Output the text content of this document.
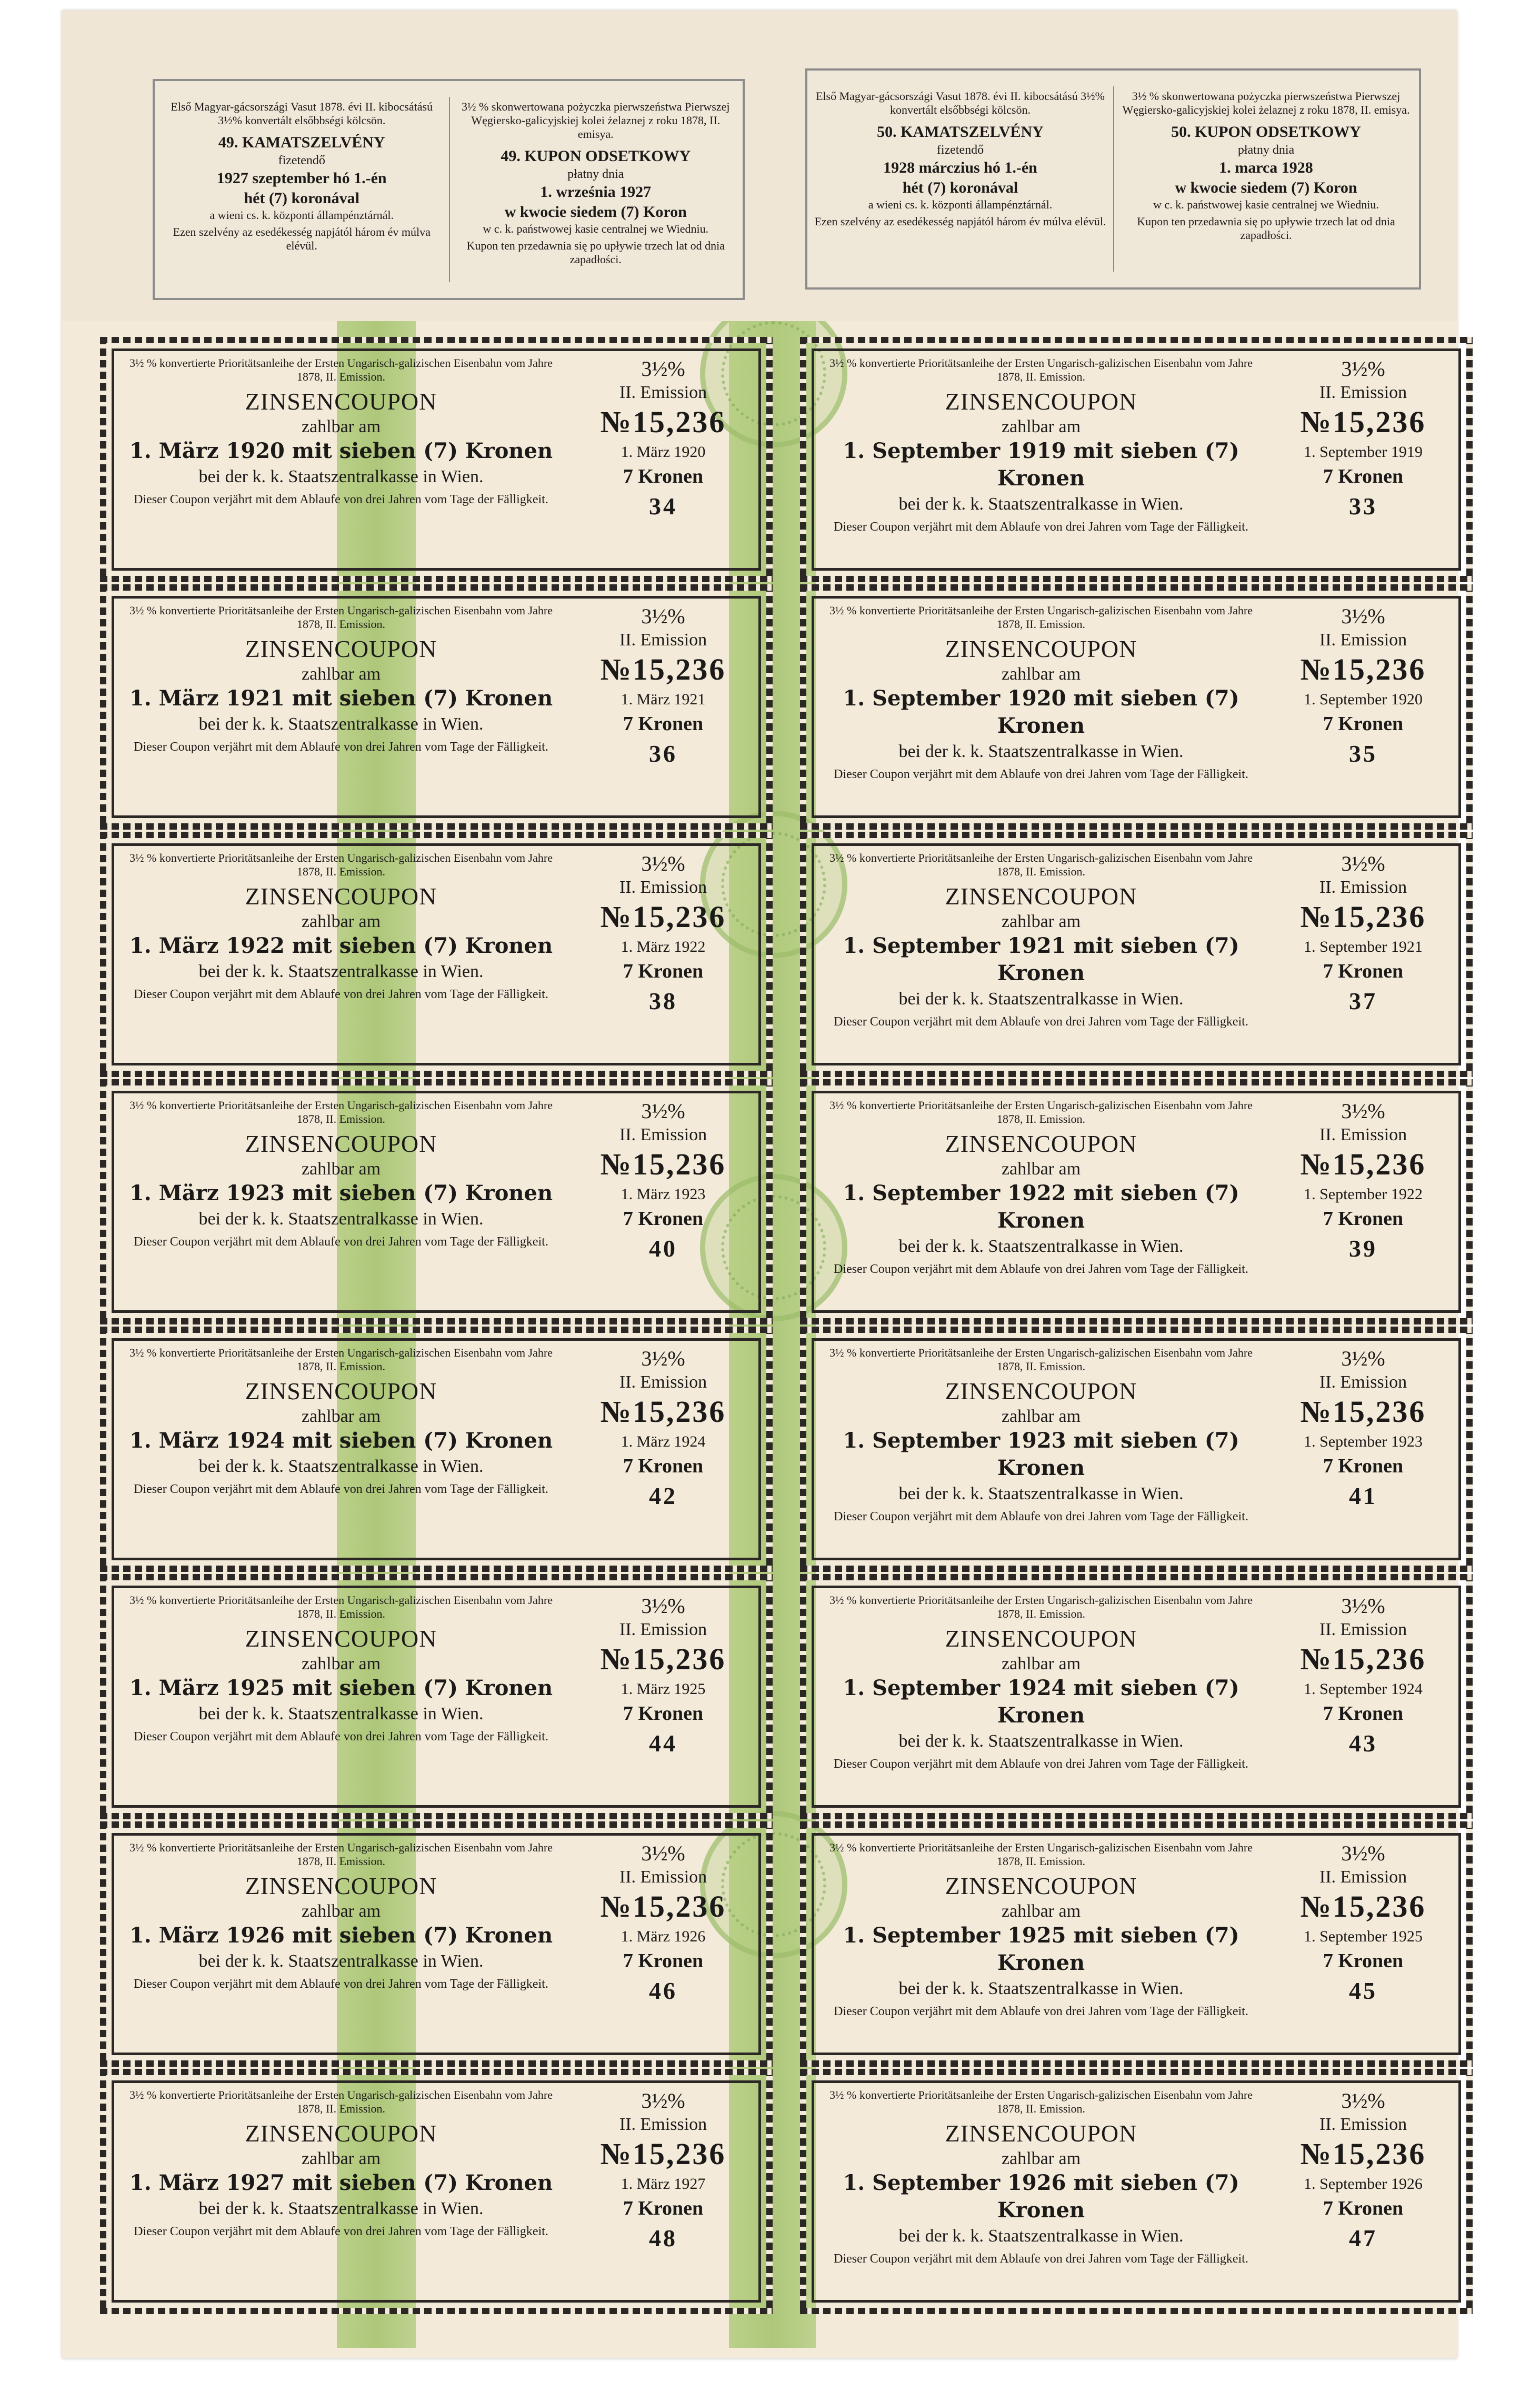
Első Magyar-gácsországi Vasut 1878. évi II. kibocsátású 3½% konvertált elsőbbségi kölcsön.
49. KAMATSZELVÉNY
fizetendő
1927 szeptember hó 1.-én
hét (7) koronával
a wieni cs. k. központi állampénztárnál.
Ezen szelvény az esedékesség napjától három év múlva elévül.
3½ % skonwertowana pożyczka pierwszeństwa Pierwszej Węgiersko-galicyjskiej kolei żelaznej z roku 1878, II. emisya.
49. KUPON ODSETKOWY
płatny dnia
1. września 1927
w kwocie siedem (7) Koron
w c. k. państwowej kasie centralnej we Wiedniu.
Kupon ten przedawnia się po upływie trzech lat od dnia zapadłości.
Első Magyar-gácsországi Vasut 1878. évi II. kibocsátású 3½% konvertált elsőbbségi kölcsön.
50. KAMATSZELVÉNY
fizetendő
1928 márczius hó 1.-én
hét (7) koronával
a wieni cs. k. központi állampénztárnál.
Ezen szelvény az esedékesség napjától három év múlva elévül.
3½ % skonwertowana pożyczka pierwszeństwa Pierwszej Węgiersko-galicyjskiej kolei żelaznej z roku 1878, II. emisya.
50. KUPON ODSETKOWY
płatny dnia
1. marca 1928
w kwocie siedem (7) Koron
w c. k. państwowej kasie centralnej we Wiedniu.
Kupon ten przedawnia się po upływie trzech lat od dnia zapadłości.
3½ % konvertierte Prioritätsanleihe der Ersten Ungarisch-galizischen Eisenbahn vom Jahre 1878, II. Emission.
ZINSENCOUPON
zahlbar am
1. März 1920 mit sieben (7) Kronen
bei der k. k. Staatszentralkasse in Wien.
Dieser Coupon verjährt mit dem Ablaufe von drei Jahren vom Tage der Fälligkeit.
3½%
II. Emission
№15,236
1. März 1920
7 Kronen
34
3½ % konvertierte Prioritätsanleihe der Ersten Ungarisch-galizischen Eisenbahn vom Jahre 1878, II. Emission.
ZINSENCOUPON
zahlbar am
1. März 1921 mit sieben (7) Kronen
bei der k. k. Staatszentralkasse in Wien.
Dieser Coupon verjährt mit dem Ablaufe von drei Jahren vom Tage der Fälligkeit.
3½%
II. Emission
№15,236
1. März 1921
7 Kronen
36
3½ % konvertierte Prioritätsanleihe der Ersten Ungarisch-galizischen Eisenbahn vom Jahre 1878, II. Emission.
ZINSENCOUPON
zahlbar am
1. März 1922 mit sieben (7) Kronen
bei der k. k. Staatszentralkasse in Wien.
Dieser Coupon verjährt mit dem Ablaufe von drei Jahren vom Tage der Fälligkeit.
3½%
II. Emission
№15,236
1. März 1922
7 Kronen
38
3½ % konvertierte Prioritätsanleihe der Ersten Ungarisch-galizischen Eisenbahn vom Jahre 1878, II. Emission.
ZINSENCOUPON
zahlbar am
1. März 1923 mit sieben (7) Kronen
bei der k. k. Staatszentralkasse in Wien.
Dieser Coupon verjährt mit dem Ablaufe von drei Jahren vom Tage der Fälligkeit.
3½%
II. Emission
№15,236
1. März 1923
7 Kronen
40
3½ % konvertierte Prioritätsanleihe der Ersten Ungarisch-galizischen Eisenbahn vom Jahre 1878, II. Emission.
ZINSENCOUPON
zahlbar am
1. März 1924 mit sieben (7) Kronen
bei der k. k. Staatszentralkasse in Wien.
Dieser Coupon verjährt mit dem Ablaufe von drei Jahren vom Tage der Fälligkeit.
3½%
II. Emission
№15,236
1. März 1924
7 Kronen
42
3½ % konvertierte Prioritätsanleihe der Ersten Ungarisch-galizischen Eisenbahn vom Jahre 1878, II. Emission.
ZINSENCOUPON
zahlbar am
1. März 1925 mit sieben (7) Kronen
bei der k. k. Staatszentralkasse in Wien.
Dieser Coupon verjährt mit dem Ablaufe von drei Jahren vom Tage der Fälligkeit.
3½%
II. Emission
№15,236
1. März 1925
7 Kronen
44
3½ % konvertierte Prioritätsanleihe der Ersten Ungarisch-galizischen Eisenbahn vom Jahre 1878, II. Emission.
ZINSENCOUPON
zahlbar am
1. März 1926 mit sieben (7) Kronen
bei der k. k. Staatszentralkasse in Wien.
Dieser Coupon verjährt mit dem Ablaufe von drei Jahren vom Tage der Fälligkeit.
3½%
II. Emission
№15,236
1. März 1926
7 Kronen
46
3½ % konvertierte Prioritätsanleihe der Ersten Ungarisch-galizischen Eisenbahn vom Jahre 1878, II. Emission.
ZINSENCOUPON
zahlbar am
1. März 1927 mit sieben (7) Kronen
bei der k. k. Staatszentralkasse in Wien.
Dieser Coupon verjährt mit dem Ablaufe von drei Jahren vom Tage der Fälligkeit.
3½%
II. Emission
№15,236
1. März 1927
7 Kronen
48
3½ % konvertierte Prioritätsanleihe der Ersten Ungarisch-galizischen Eisenbahn vom Jahre 1878, II. Emission.
ZINSENCOUPON
zahlbar am
1. September 1919 mit sieben (7) Kronen
bei der k. k. Staatszentralkasse in Wien.
Dieser Coupon verjährt mit dem Ablaufe von drei Jahren vom Tage der Fälligkeit.
3½%
II. Emission
№15,236
1. September 1919
7 Kronen
33
3½ % konvertierte Prioritätsanleihe der Ersten Ungarisch-galizischen Eisenbahn vom Jahre 1878, II. Emission.
ZINSENCOUPON
zahlbar am
1. September 1920 mit sieben (7) Kronen
bei der k. k. Staatszentralkasse in Wien.
Dieser Coupon verjährt mit dem Ablaufe von drei Jahren vom Tage der Fälligkeit.
3½%
II. Emission
№15,236
1. September 1920
7 Kronen
35
3½ % konvertierte Prioritätsanleihe der Ersten Ungarisch-galizischen Eisenbahn vom Jahre 1878, II. Emission.
ZINSENCOUPON
zahlbar am
1. September 1921 mit sieben (7) Kronen
bei der k. k. Staatszentralkasse in Wien.
Dieser Coupon verjährt mit dem Ablaufe von drei Jahren vom Tage der Fälligkeit.
3½%
II. Emission
№15,236
1. September 1921
7 Kronen
37
3½ % konvertierte Prioritätsanleihe der Ersten Ungarisch-galizischen Eisenbahn vom Jahre 1878, II. Emission.
ZINSENCOUPON
zahlbar am
1. September 1922 mit sieben (7) Kronen
bei der k. k. Staatszentralkasse in Wien.
Dieser Coupon verjährt mit dem Ablaufe von drei Jahren vom Tage der Fälligkeit.
3½%
II. Emission
№15,236
1. September 1922
7 Kronen
39
3½ % konvertierte Prioritätsanleihe der Ersten Ungarisch-galizischen Eisenbahn vom Jahre 1878, II. Emission.
ZINSENCOUPON
zahlbar am
1. September 1923 mit sieben (7) Kronen
bei der k. k. Staatszentralkasse in Wien.
Dieser Coupon verjährt mit dem Ablaufe von drei Jahren vom Tage der Fälligkeit.
3½%
II. Emission
№15,236
1. September 1923
7 Kronen
41
3½ % konvertierte Prioritätsanleihe der Ersten Ungarisch-galizischen Eisenbahn vom Jahre 1878, II. Emission.
ZINSENCOUPON
zahlbar am
1. September 1924 mit sieben (7) Kronen
bei der k. k. Staatszentralkasse in Wien.
Dieser Coupon verjährt mit dem Ablaufe von drei Jahren vom Tage der Fälligkeit.
3½%
II. Emission
№15,236
1. September 1924
7 Kronen
43
3½ % konvertierte Prioritätsanleihe der Ersten Ungarisch-galizischen Eisenbahn vom Jahre 1878, II. Emission.
ZINSENCOUPON
zahlbar am
1. September 1925 mit sieben (7) Kronen
bei der k. k. Staatszentralkasse in Wien.
Dieser Coupon verjährt mit dem Ablaufe von drei Jahren vom Tage der Fälligkeit.
3½%
II. Emission
№15,236
1. September 1925
7 Kronen
45
3½ % konvertierte Prioritätsanleihe der Ersten Ungarisch-galizischen Eisenbahn vom Jahre 1878, II. Emission.
ZINSENCOUPON
zahlbar am
1. September 1926 mit sieben (7) Kronen
bei der k. k. Staatszentralkasse in Wien.
Dieser Coupon verjährt mit dem Ablaufe von drei Jahren vom Tage der Fälligkeit.
3½%
II. Emission
№15,236
1. September 1926
7 Kronen
47
